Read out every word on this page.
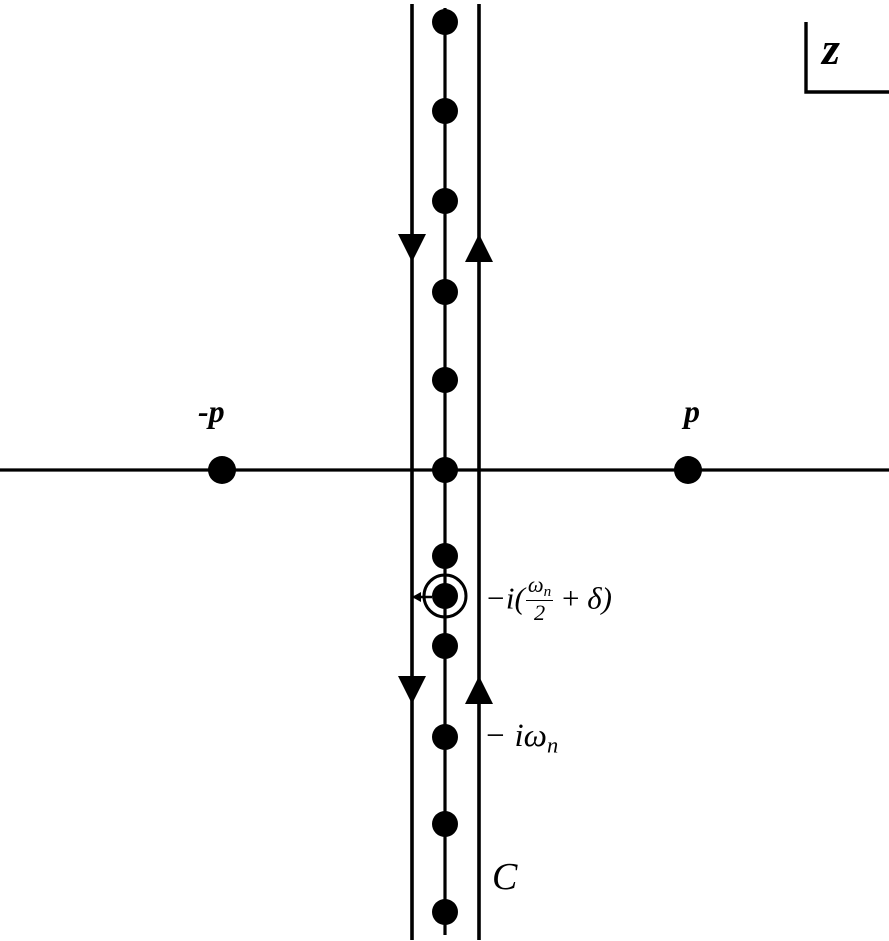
z
p
-p
C
− $i\omega_n$
$-i( \frac{\omega_n}{2} + \delta)$
